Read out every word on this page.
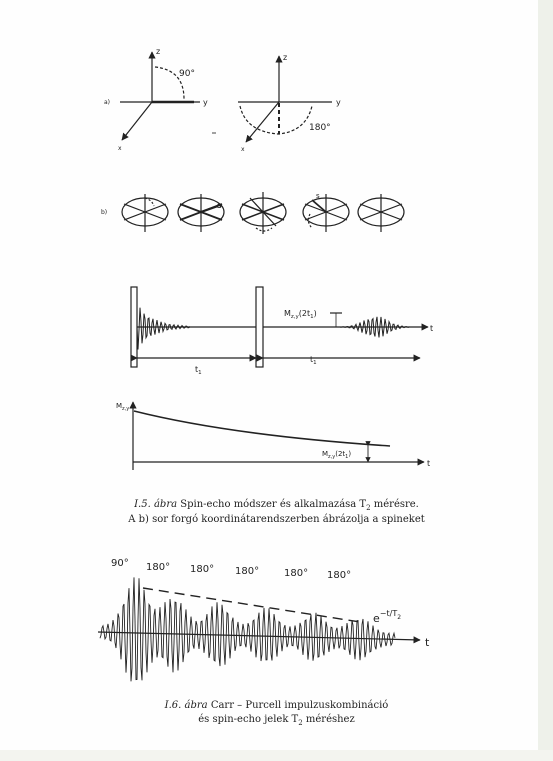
a)
z
y
x
90°
z
y
x
180°
b)
s
s
t
$M_{z,y}(2t_1)$
$t_1$
$t_1$
$M_{z,y}$
$M_{z,y}(2t_1)$
t
t
$e^{-t/T}_2$
90° 180° 180° 180° 180° 180°
I.5. ábra Spin-echo módszer és alkalmazása $T_2$ mérésre.
A b) sor forgó koordinátarendszerben ábrázolja a spineket
I.6. ábra Carr – Purcell impulzuskombináció
és spin-echo jelek $T_2$ méréshez
